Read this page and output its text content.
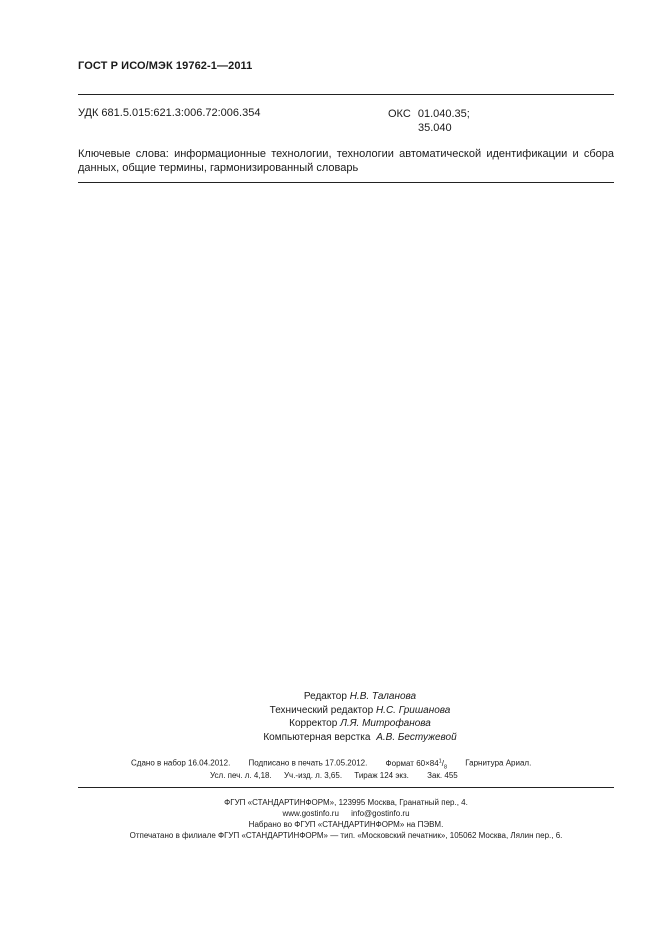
ГОСТ Р ИСО/МЭК 19762-1—2011
УДК 681.5.015:621.3:006.72:006.354	ОКС 01.040.35;
35.040
Ключевые слова: информационные технологии, технологии автоматической идентификации и сбора данных, общие термины, гармонизированный словарь
Редактор Н.В. Таланова
Технический редактор Н.С. Гришанова
Корректор Л.Я. Митрофанова
Компьютерная верстка А.В. Бестужевой
Сдано в набор 16.04.2012. Подписано в печать 17.05.2012. Формат $60\times 84^1/_8$ Гарнитура Ариал.
Усл. печ. л. 4,18. Уч.-изд. л. 3,65. Тираж 124 экз. Зак. 455
ФГУП «СТАНДАРТИНФОРМ», 123995 Москва, Гранатный пер., 4.
www.gostinfo.ru info@gostinfo.ru
Набрано во ФГУП «СТАНДАРТИНФОРМ» на ПЭВМ.
Отпечатано в филиале ФГУП «СТАНДАРТИНФОРМ» — тип. «Московский печатник», 105062 Москва, Лялин пер., 6.
